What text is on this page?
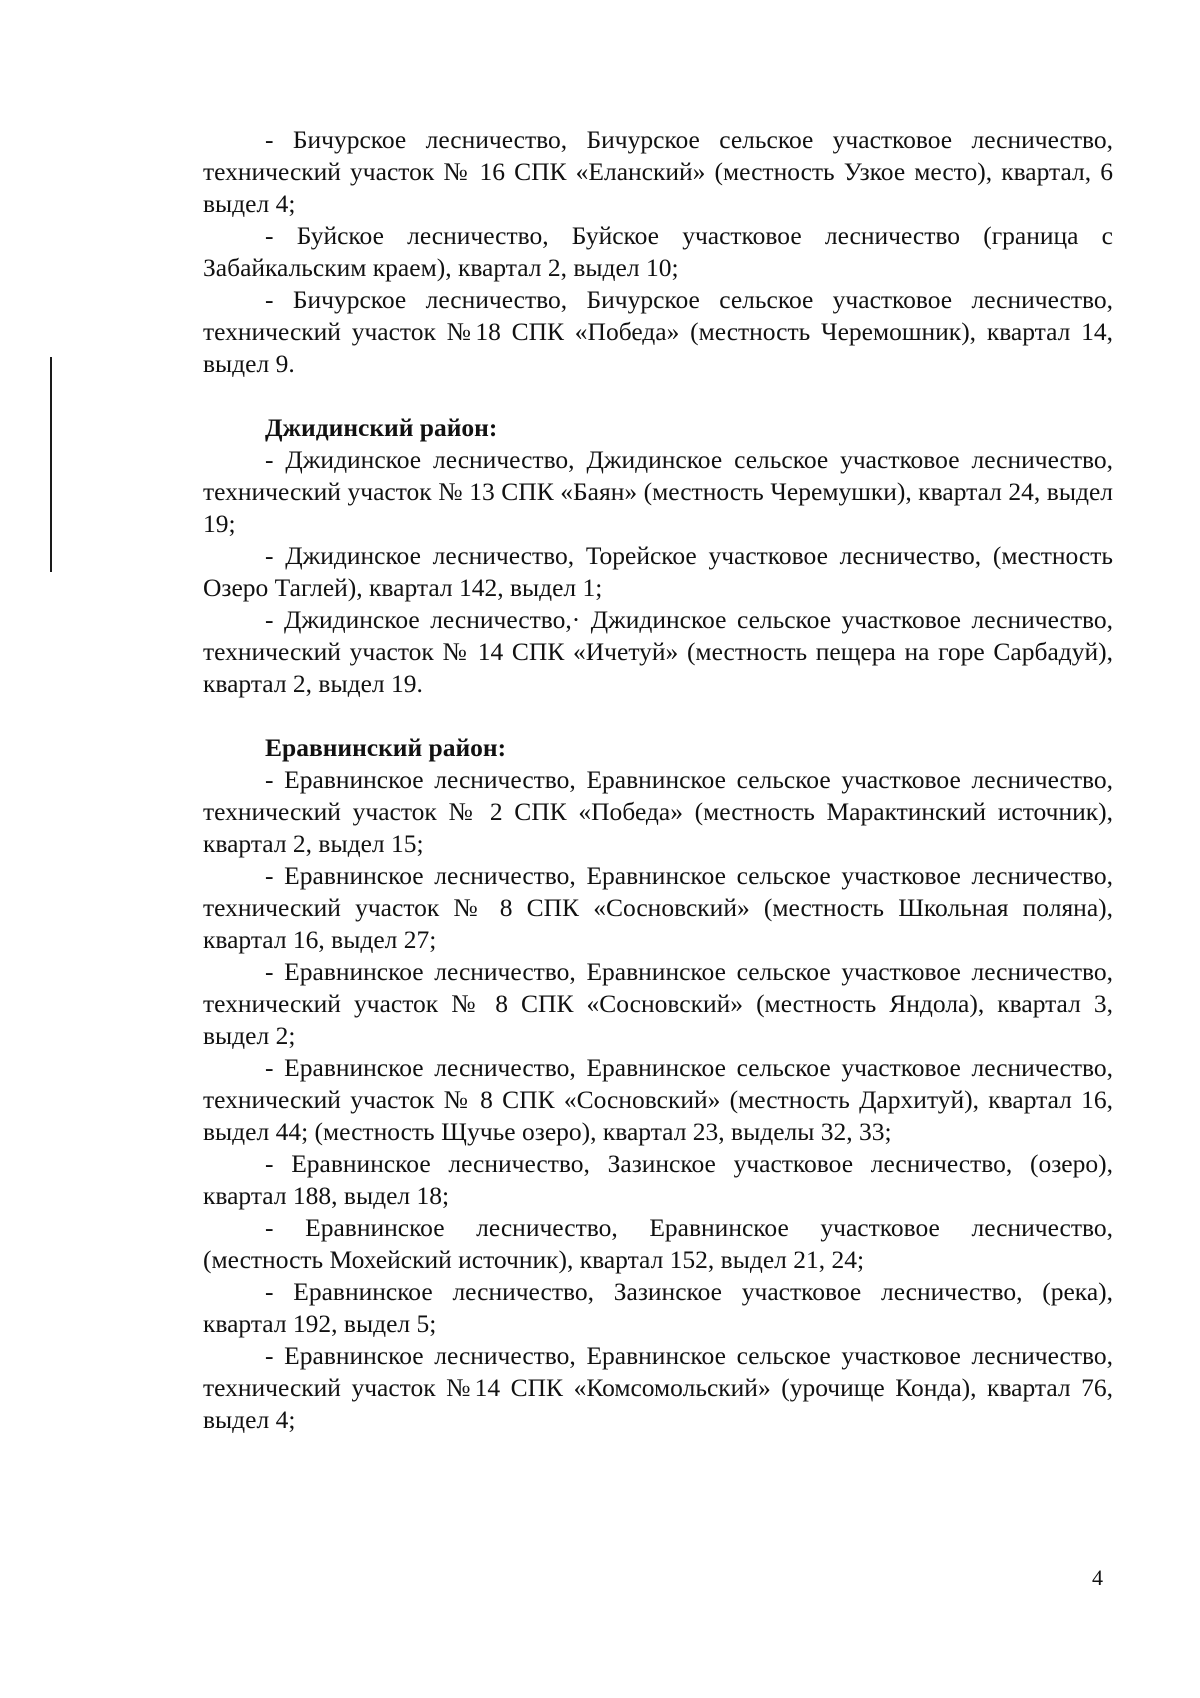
- Бичурское лесничество, Бичурское сельское участковое лесничество, технический участок № 16 СПК «Еланский» (местность Узкое место), квартал, 6 выдел 4;

- Буйское лесничество, Буйское участковое лесничество (граница с Забайкальским краем), квартал 2, выдел 10;

- Бичурское лесничество, Бичурское сельское участковое лесничество, технический участок №18 СПК «Победа» (местность Черемошник), квартал 14, выдел 9.

Джидинский район:

- Джидинское лесничество, Джидинское сельское участковое лесничество, технический участок № 13 СПК «Баян» (местность Черемушки), квартал 24, выдел 19;

- Джидинское лесничество, Торейское участковое лесничество, (местность Озеро Таглей), квартал 142, выдел 1;

- Джидинское лесничество,· Джидинское сельское участковое лесничество, технический участок № 14 СПК «Ичетуй» (местность пещера на горе Сарбадуй), квартал 2, выдел 19.

Еравнинский район:

- Еравнинское лесничество, Еравнинское сельское участковое лесничество, технический участок № 2 СПК «Победа» (местность Марактинский источник), квартал 2, выдел 15;

- Еравнинское лесничество, Еравнинское сельское участковое лесничество, технический участок № 8 СПК «Сосновский» (местность Школьная поляна), квартал 16, выдел 27;

- Еравнинское лесничество, Еравнинское сельское участковое лесничество, технический участок № 8 СПК «Сосновский» (местность Яндола), квартал 3, выдел 2;

- Еравнинское лесничество, Еравнинское сельское участковое лесничество, технический участок № 8 СПК «Сосновский» (местность Дархитуй), квартал 16, выдел 44; (местность Щучье озеро), квартал 23, выделы 32, 33;

- Еравнинское лесничество, Зазинское участковое лесничество, (озеро), квартал 188, выдел 18;

- Еравнинское лесничество, Еравнинское участковое лесничество, (местность Мохейский источник), квартал 152, выдел 21, 24;

- Еравнинское лесничество, Зазинское участковое лесничество, (река), квартал 192, выдел 5;

- Еравнинское лесничество, Еравнинское сельское участковое лесничество, технический участок №14 СПК «Комсомольский» (урочище Конда), квартал 76, выдел 4;

4
